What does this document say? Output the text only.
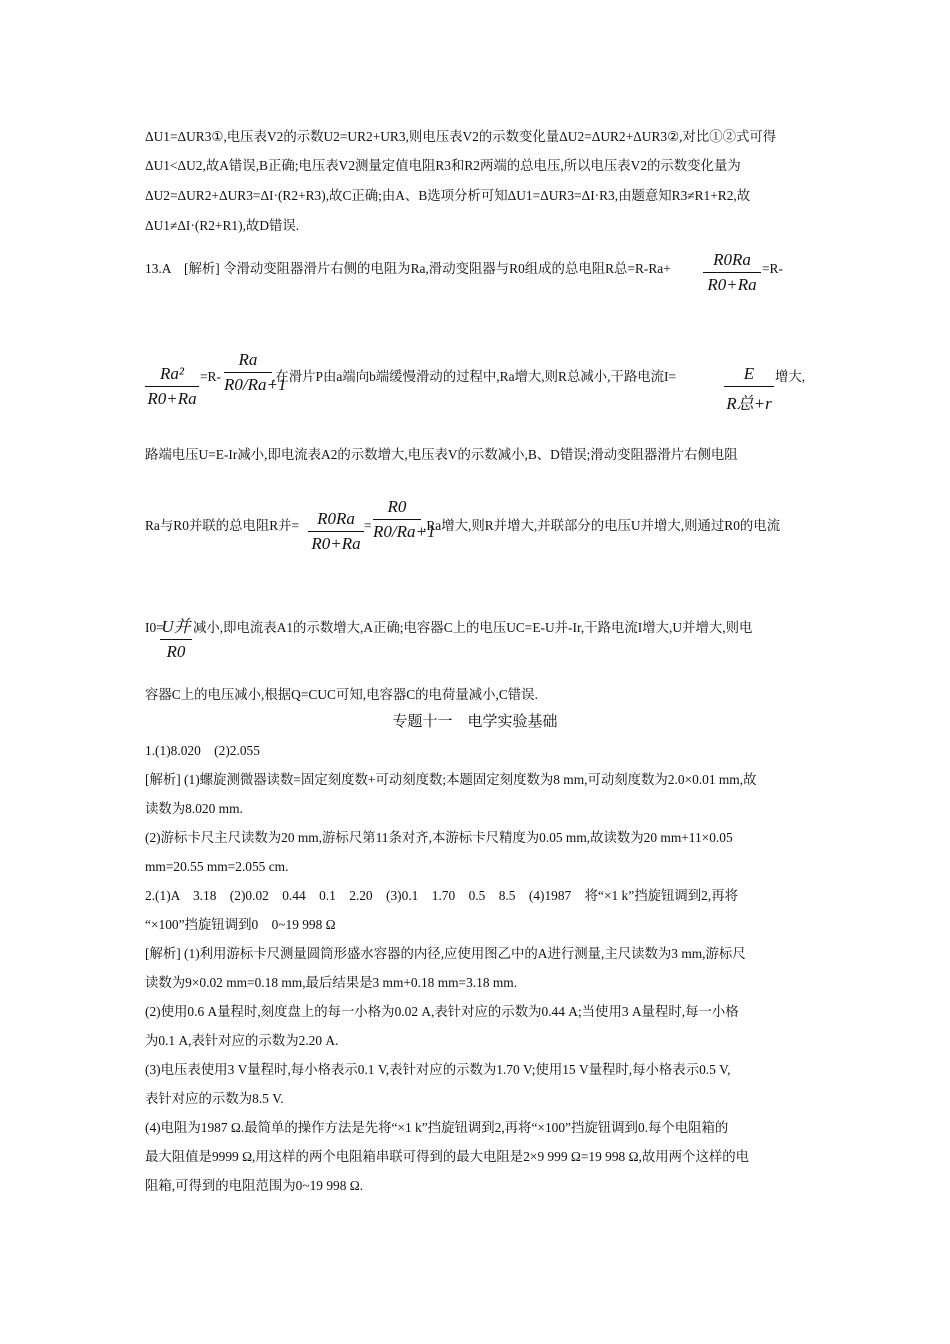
ΔU1=ΔUR3①,电压表V2的示数U2=UR2+UR3,则电压表V2的示数变化量ΔU2=ΔUR2+ΔUR3②,对比①②式可得
ΔU1<ΔU2,故A错误,B正确;电压表V2测量定值电阻R3和R2两端的总电压,所以电压表V2的示数变化量为
ΔU2=ΔUR2+ΔUR3=ΔI·(R2+R3),故C正确;由A、B选项分析可知ΔU1=ΔUR3=ΔI·R3,由题意知R3≠R1+R2,故
ΔU1≠ΔI·(R2+R1),故D错误.
13.A　[解析] 令滑动变阻器滑片右侧的电阻为Ra,滑动变阻器与R0组成的总电阻R总=R-Ra+	R0Ra
R0+Ra
=R-
Ra²
R0+Ra
=R-
Ra
R0/Ra+1
,在滑片P由a端向b端缓慢滑动的过程中,Ra增大,则R总减小,干路电流I=	E
R总+r
增大,
路端电压U=E-Ir减小,即电流表A2的示数增大,电压表V的示数减小,B、D错误;滑动变阻器滑片右侧电阻
Ra与R0并联的总电阻R并=	R0Ra
R0+Ra
=
R0
R0/Ra+1
,Ra增大,则R并增大,并联部分的电压U并增大,则通过R0的电流
I0=
U并
R0
减小,即电流表A1的示数增大,A正确;电容器C上的电压UC=E-U并-Ir,干路电流I增大,U并增大,则电
容器C上的电压减小,根据Q=CUC可知,电容器C的电荷量减小,C错误.
专题十一　电学实验基础
1.(1)8.020　(2)2.055
[解析] (1)螺旋测微器读数=固定刻度数+可动刻度数;本题固定刻度数为8 mm,可动刻度数为2.0×0.01 mm,故
读数为8.020 mm.
(2)游标卡尺主尺读数为20 mm,游标尺第11条对齐,本游标卡尺精度为0.05 mm,故读数为20 mm+11×0.05
mm=20.55 mm=2.055 cm.
2.(1)A　3.18　(2)0.02　0.44　0.1　2.20　(3)0.1　1.70　0.5　8.5　(4)1987　将“×1 k”挡旋钮调到2,再将
“×100”挡旋钮调到0　0~19 998 Ω
[解析] (1)利用游标卡尺测量圆筒形盛水容器的内径,应使用图乙中的A进行测量,主尺读数为3 mm,游标尺
读数为9×0.02 mm=0.18 mm,最后结果是3 mm+0.18 mm=3.18 mm.
(2)使用0.6 A量程时,刻度盘上的每一小格为0.02 A,表针对应的示数为0.44 A;当使用3 A量程时,每一小格
为0.1 A,表针对应的示数为2.20 A.
(3)电压表使用3 V量程时,每小格表示0.1 V,表针对应的示数为1.70 V;使用15 V量程时,每小格表示0.5 V,
表针对应的示数为8.5 V.
(4)电阻为1987 Ω.最简单的操作方法是先将“×1 k”挡旋钮调到2,再将“×100”挡旋钮调到0.每个电阻箱的
最大阻值是9999 Ω,用这样的两个电阻箱串联可得到的最大电阻是2×9 999 Ω=19 998 Ω,故用两个这样的电
阻箱,可得到的电阻范围为0~19 998 Ω.
